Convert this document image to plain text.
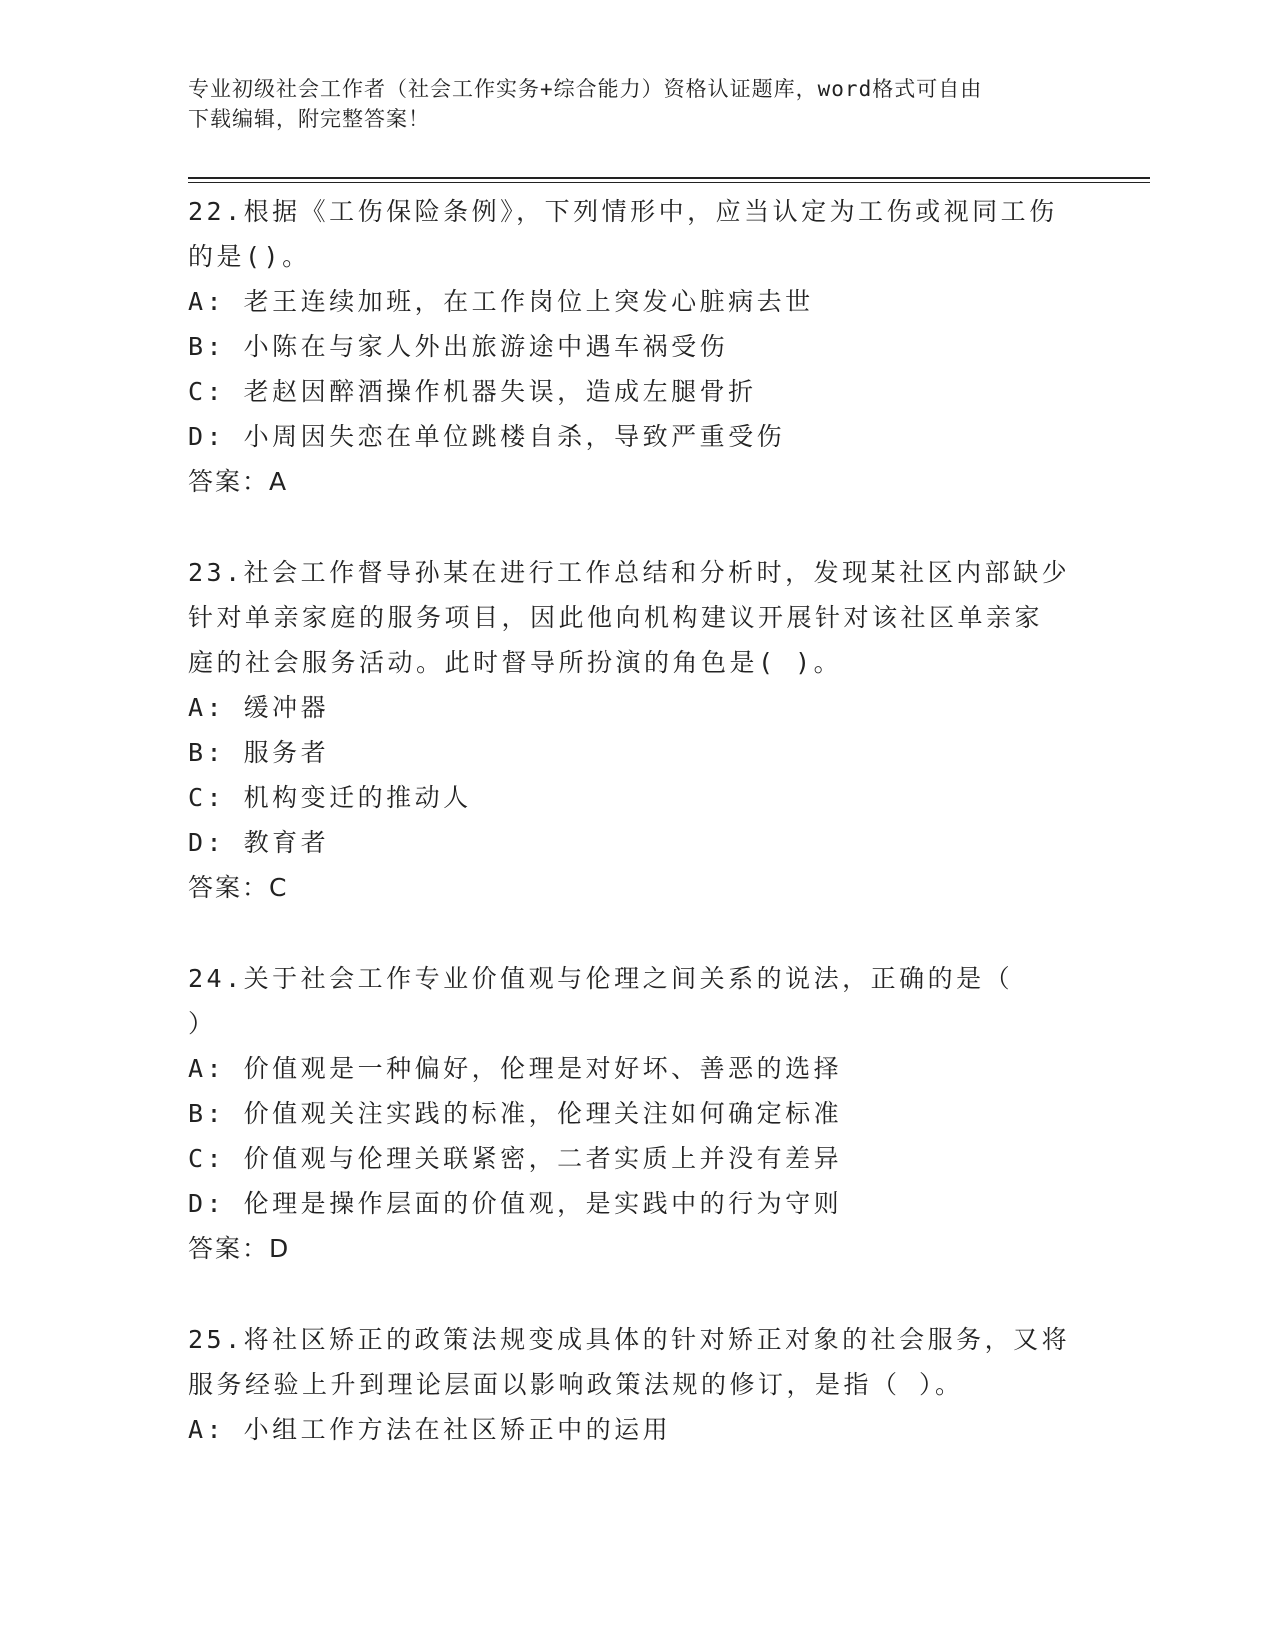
专业初级社会工作者（社会工作实务+综合能力）资格认证题库，word格式可自由
下载编辑，附完整答案！
22.根据《工伤保险条例》，下列情形中，应当认定为工伤或视同工伤
的是()。
A: 老王连续加班，在工作岗位上突发心脏病去世
B: 小陈在与家人外出旅游途中遇车祸受伤
C: 老赵因醉酒操作机器失误，造成左腿骨折
D: 小周因失恋在单位跳楼自杀，导致严重受伤
答案：A
23.社会工作督导孙某在进行工作总结和分析时，发现某社区内部缺少
针对单亲家庭的服务项目，因此他向机构建议开展针对该社区单亲家
庭的社会服务活动。此时督导所扮演的角色是( )。
A: 缓冲器
B: 服务者
C: 机构变迁的推动人
D: 教育者
答案：C
24.关于社会工作专业价值观与伦理之间关系的说法，正确的是（
）
A: 价值观是一种偏好，伦理是对好坏、善恶的选择
B: 价值观关注实践的标准，伦理关注如何确定标准
C: 价值观与伦理关联紧密，二者实质上并没有差异
D: 伦理是操作层面的价值观，是实践中的行为守则
答案：D
25.将社区矫正的政策法规变成具体的针对矫正对象的社会服务，又将
服务经验上升到理论层面以影响政策法规的修订，是指（ ）。
A: 小组工作方法在社区矫正中的运用
